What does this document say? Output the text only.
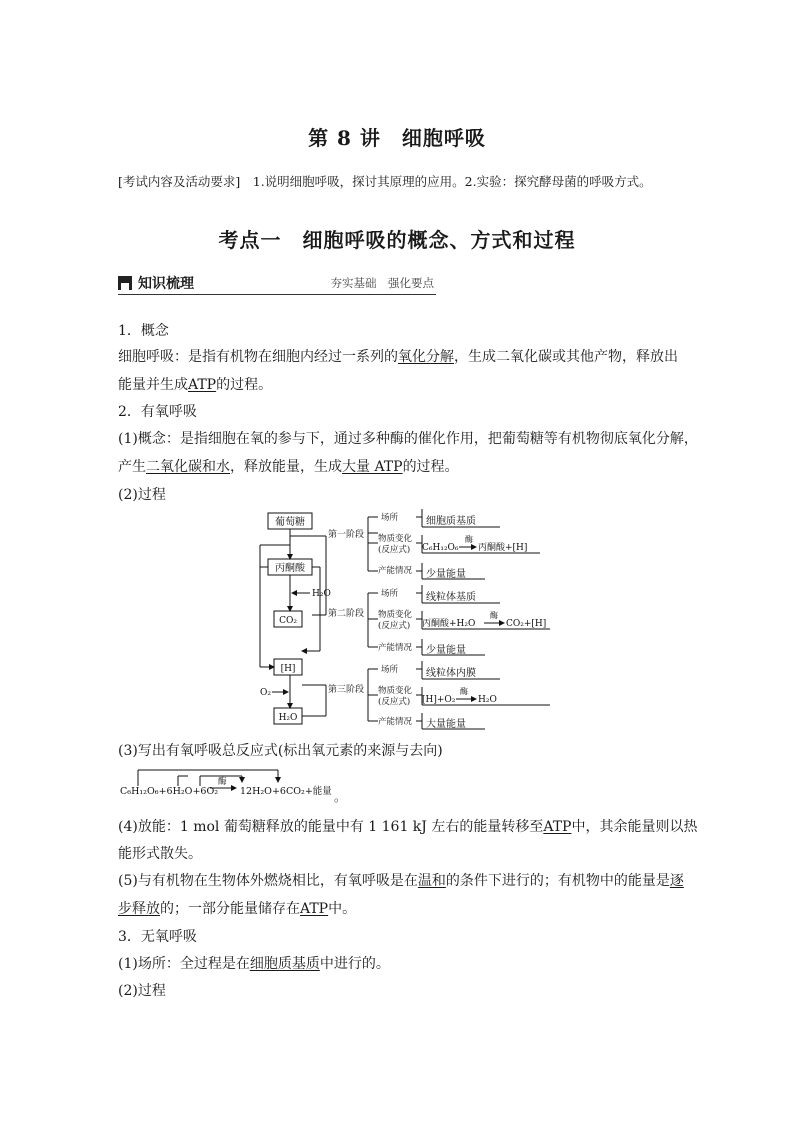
第 8 讲　细胞呼吸
[考试内容及活动要求]　1.说明细胞呼吸，探讨其原理的应用。2.实验：探究酵母菌的呼吸方式。
考点一　细胞呼吸的概念、方式和过程
知识梳理	夯实基础　强化要点
1．概念
细胞呼吸：是指有机物在细胞内经过一系列的氧化分解，生成二氧化碳或其他产物，释放出
能量并生成ATP的过程。
2．有氧呼吸
(1)概念：是指细胞在氧的参与下，通过多种酶的催化作用，把葡萄糖等有机物彻底氧化分解，
产生二氧化碳和水，释放能量，生成大量 ATP的过程。
(2)过程
葡萄糖
丙酮酸
CO₂
[H]
H₂O
H₂O
O₂
第一阶段
第二阶段
第三阶段
场所
物质变化
(反应式)
产能情况
细胞质基质
C₆H₁₂O₆
酶
丙酮酸+[H]
少量能量
场所
物质变化
(反应式)
产能情况
线粒体基质
丙酮酸+H₂O
酶
CO₂+[H]
少量能量
场所
物质变化
(反应式)
产能情况
线粒体内膜
[H]+O₂
酶
H₂O
大量能量
(3)写出有氧呼吸总反应式(标出氧元素的来源与去向)
C₆H₁₂O₆+6H₂O+6O₂
酶
12H₂O+6CO₂+能量 。
(4)放能：1 mol 葡萄糖释放的能量中有 1 161 kJ 左右的能量转移至ATP中，其余能量则以热
能形式散失。
(5)与有机物在生物体外燃烧相比，有氧呼吸是在温和的条件下进行的；有机物中的能量是逐
步释放的；一部分能量储存在ATP中。
3．无氧呼吸
(1)场所：全过程是在细胞质基质中进行的。
(2)过程
